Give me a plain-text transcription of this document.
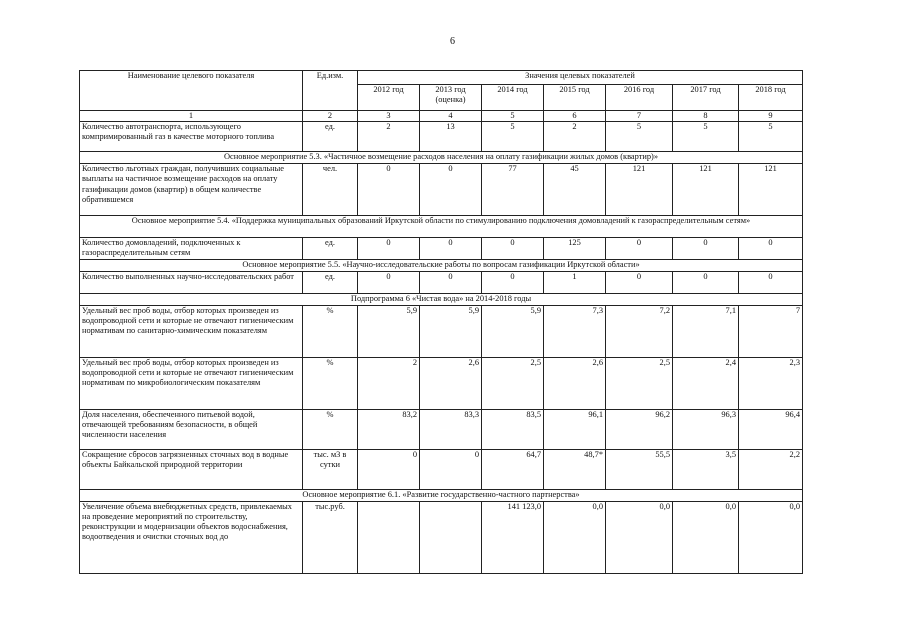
6
Наименование целевого показателя	Ед.изм.	Значения целевых показателей						
		2012 год	2013 год (оценка)	2014 год	2015 год	2016 год	2017 год	2018 год
1	2	3	4	5	6	7	8	9
Количество автотранспорта, использующего компримированный газ в качестве моторного топлива	ед.	2	13	5	2	5	5	5
Основное мероприятие 5.3. «Частичное возмещение расходов населения на оплату газификации жилых домов (квартир)»								
Количество льготных граждан, получивших социальные выплаты на частичное возмещение расходов на оплату газификации домов (квартир) в общем количестве обратившемся	чел.	0	0	77	45	121	121	121
Основное мероприятие 5.4. «Поддержка муниципальных образований Иркутской области по стимулированию подключения домовладений к газораспределительным сетям»								
Количество домовладений, подключенных к газораспределительным сетям	ед.	0	0	0	125	0	0	0
Основное мероприятие 5.5. «Научно-исследовательские работы по вопросам газификации Иркутской области»								
Количество выполненных научно-исследовательских работ	ед.	0	0	0	1	0	0	0
Подпрограмма 6 «Чистая вода» на 2014-2018 годы								
Удельный вес проб воды, отбор которых произведен из водопроводной сети и которые не отвечают гигиеническим нормативам по санитарно-химическим показателям	%	5,9	5,9	5,9	7,3	7,2	7,1	7
Удельный вес проб воды, отбор которых произведен из водопроводной сети и которые не отвечают гигиеническим нормативам по микробиологическим показателям	%	2	2,6	2,5	2,6	2,5	2,4	2,3
Доля населения, обеспеченного питьевой водой, отвечающей требованиям безопасности, в общей численности населения	%	83,2	83,3	83,5	96,1	96,2	96,3	96,4
Сокращение сбросов загрязненных сточных вод в водные объекты Байкальской природной территории	тыс. м3 в сутки	0	0	64,7	48,7*	55,5	3,5	2,2
Основное мероприятие 6.1. «Развитие государственно-частного партнерства»								
Увеличение объема внебюджетных средств, привлекаемых на проведение мероприятий по строительству, реконструкции и модернизации объектов водоснабжения, водоотведения и очистки сточных вод до	тыс.руб.			141 123,0	0,0	0,0	0,0	0,0
